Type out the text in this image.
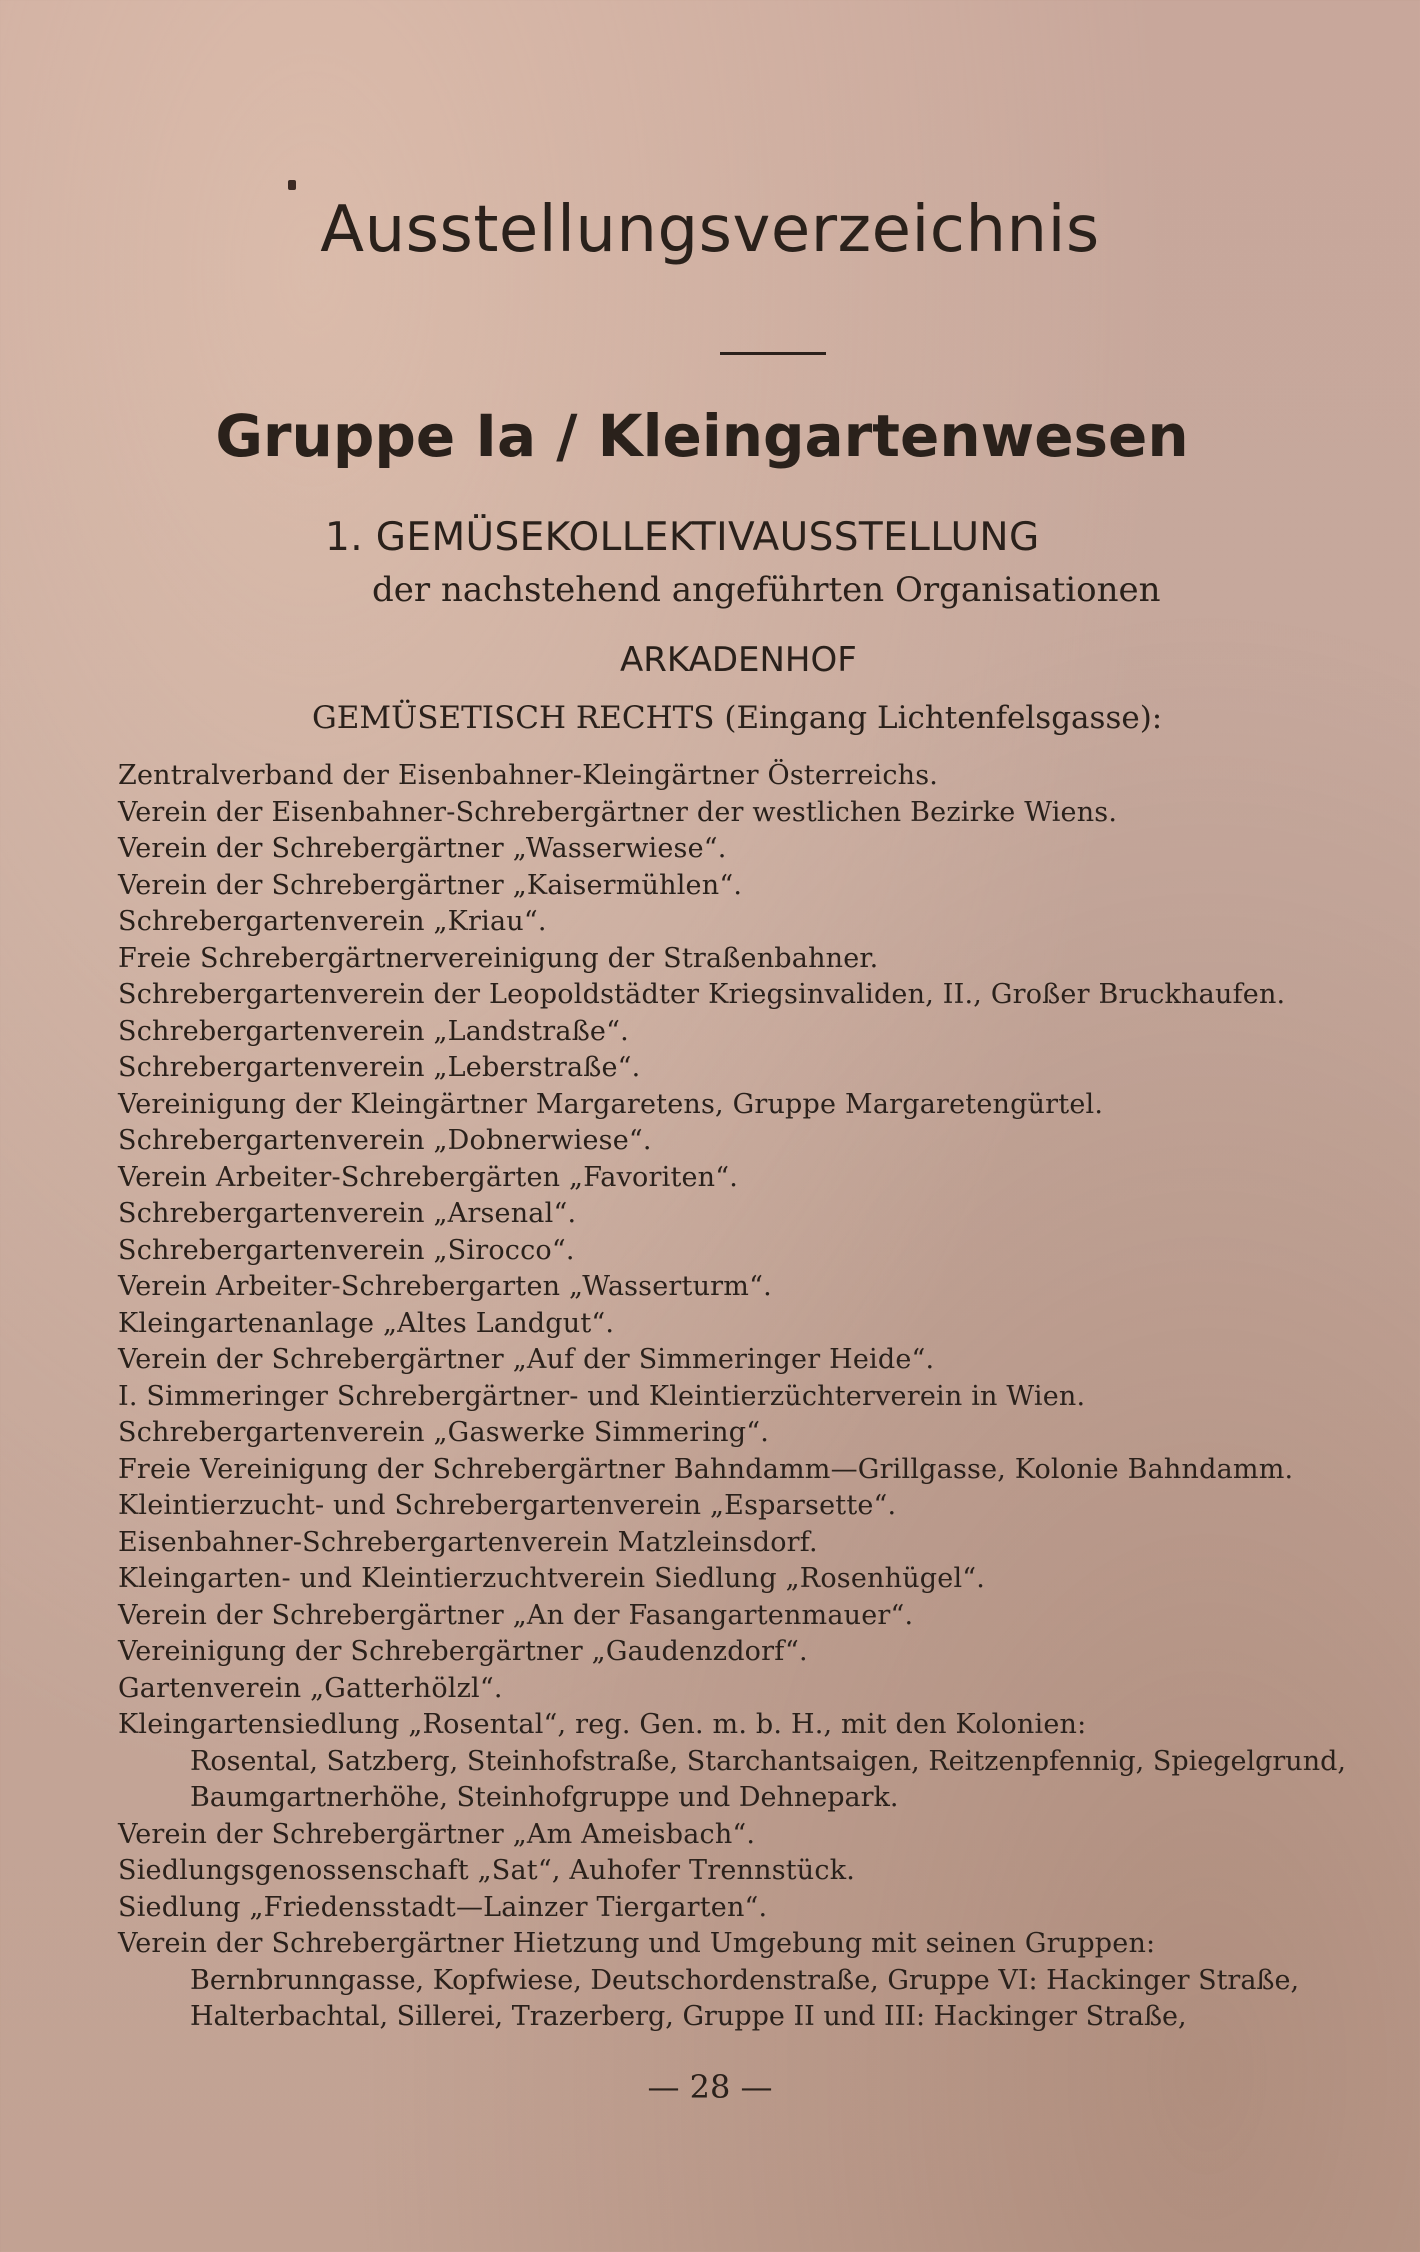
Ausstellungsverzeichnis
Gruppe Ia / Kleingartenwesen
1. GEMÜSEKOLLEKTIVAUSSTELLUNG
der nachstehend angeführten Organisationen
ARKADENHOF
GEMÜSETISCH RECHTS (Eingang Lichtenfelsgasse):
Zentralverband der Eisenbahner-Kleingärtner Österreichs.
Verein der Eisenbahner-Schrebergärtner der westlichen Bezirke Wiens.
Verein der Schrebergärtner „Wasserwiese“.
Verein der Schrebergärtner „Kaisermühlen“.
Schrebergartenverein „Kriau“.
Freie Schrebergärtnervereinigung der Straßenbahner.
Schrebergartenverein der Leopoldstädter Kriegsinvaliden, II., Großer Bruckhaufen.
Schrebergartenverein „Landstraße“.
Schrebergartenverein „Leberstraße“.
Vereinigung der Kleingärtner Margaretens, Gruppe Margaretengürtel.
Schrebergartenverein „Dobnerwiese“.
Verein Arbeiter-Schrebergärten „Favoriten“.
Schrebergartenverein „Arsenal“.
Schrebergartenverein „Sirocco“.
Verein Arbeiter-Schrebergarten „Wasserturm“.
Kleingartenanlage „Altes Landgut“.
Verein der Schrebergärtner „Auf der Simmeringer Heide“.
I. Simmeringer Schrebergärtner- und Kleintierzüchterverein in Wien.
Schrebergartenverein „Gaswerke Simmering“.
Freie Vereinigung der Schrebergärtner Bahndamm—Grillgasse, Kolonie Bahndamm.
Kleintierzucht- und Schrebergartenverein „Esparsette“.
Eisenbahner-Schrebergartenverein Matzleinsdorf.
Kleingarten- und Kleintierzuchtverein Siedlung „Rosenhügel“.
Verein der Schrebergärtner „An der Fasangartenmauer“.
Vereinigung der Schrebergärtner „Gaudenzdorf“.
Gartenverein „Gatterhölzl“.
Kleingartensiedlung „Rosental“, reg. Gen. m. b. H., mit den Kolonien:
Rosental, Satzberg, Steinhofstraße, Starchantsaigen, Reitzenpfennig, Spiegelgrund,
Baumgartnerhöhe, Steinhofgruppe und Dehnepark.
Verein der Schrebergärtner „Am Ameisbach“.
Siedlungsgenossenschaft „Sat“, Auhofer Trennstück.
Siedlung „Friedensstadt—Lainzer Tiergarten“.
Verein der Schrebergärtner Hietzung und Umgebung mit seinen Gruppen:
Bernbrunngasse, Kopfwiese, Deutschordenstraße, Gruppe VI: Hackinger Straße,
Halterbachtal, Sillerei, Trazerberg, Gruppe II und III: Hackinger Straße,
— 28 —
